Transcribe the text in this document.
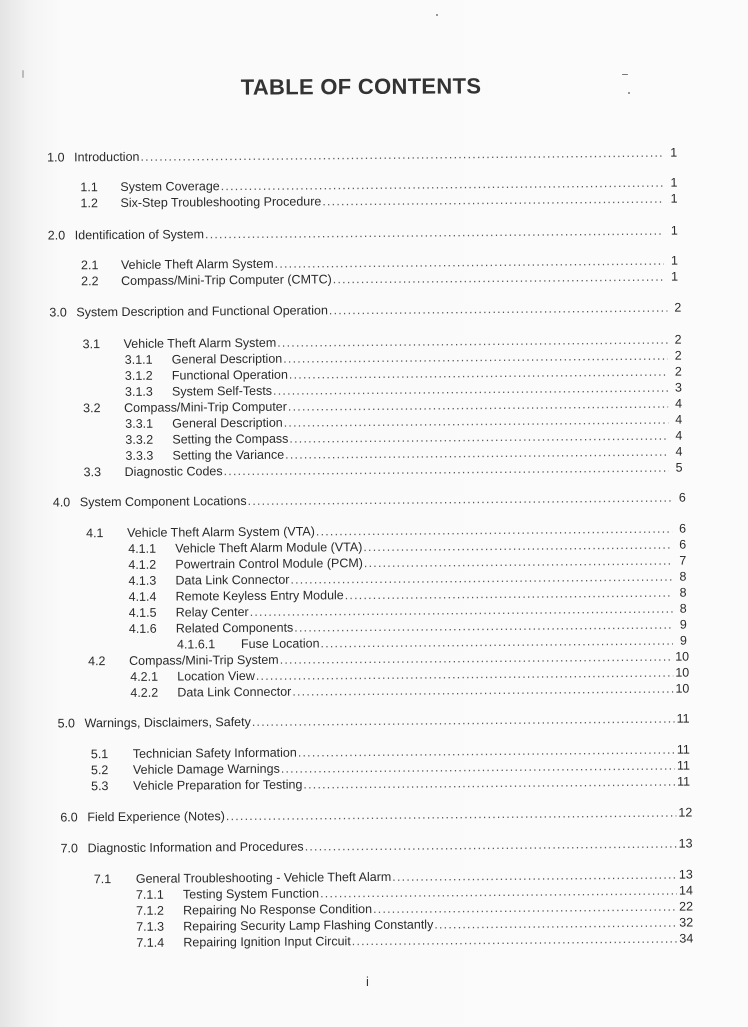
TABLE OF CONTENTS
1.0 Introduction .....	1
1.1	System Coverage .....	1
1.2	Six-Step Troubleshooting Procedure .....	1
2.0 Identification of System .....	1
2.1	Vehicle Theft Alarm System .....	1
2.2	Compass/Mini-Trip Computer (CMTC) .....	1
3.0 System Description and Functional Operation .....	2
3.1	Vehicle Theft Alarm System .....	2
3.1.1	General Description .....	2
3.1.2	Functional Operation .....	2
3.1.3	System Self-Tests .....	3
3.2	Compass/Mini-Trip Computer .....	4
3.3.1	General Description .....	4
3.3.2	Setting the Compass .....	4
3.3.3	Setting the Variance .....	4
3.3	Diagnostic Codes .....	5
4.0 System Component Locations .....	6
4.1	Vehicle Theft Alarm System (VTA) .....	6
4.1.1	Vehicle Theft Alarm Module (VTA) .....	6
4.1.2	Powertrain Control Module (PCM) .....	7
4.1.3	Data Link Connector .....	8
4.1.4	Remote Keyless Entry Module .....	8
4.1.5	Relay Center .....	8
4.1.6	Related Components .....	9
4.1.6.1	Fuse Location .....	9
4.2	Compass/Mini-Trip System .....	10
4.2.1	Location View .....	10
4.2.2	Data Link Connector .....	10
5.0 Warnings, Disclaimers, Safety .....	11
5.1	Technician Safety Information .....	11
5.2	Vehicle Damage Warnings .....	11
5.3	Vehicle Preparation for Testing .....	11
6.0 Field Experience (Notes) .....	12
7.0 Diagnostic Information and Procedures .....	13
7.1	General Troubleshooting - Vehicle Theft Alarm .....	13
7.1.1	Testing System Function .....	14
7.1.2	Repairing No Response Condition .....	22
7.1.3	Repairing Security Lamp Flashing Constantly .....	32
7.1.4	Repairing Ignition Input Circuit .....	34
i
